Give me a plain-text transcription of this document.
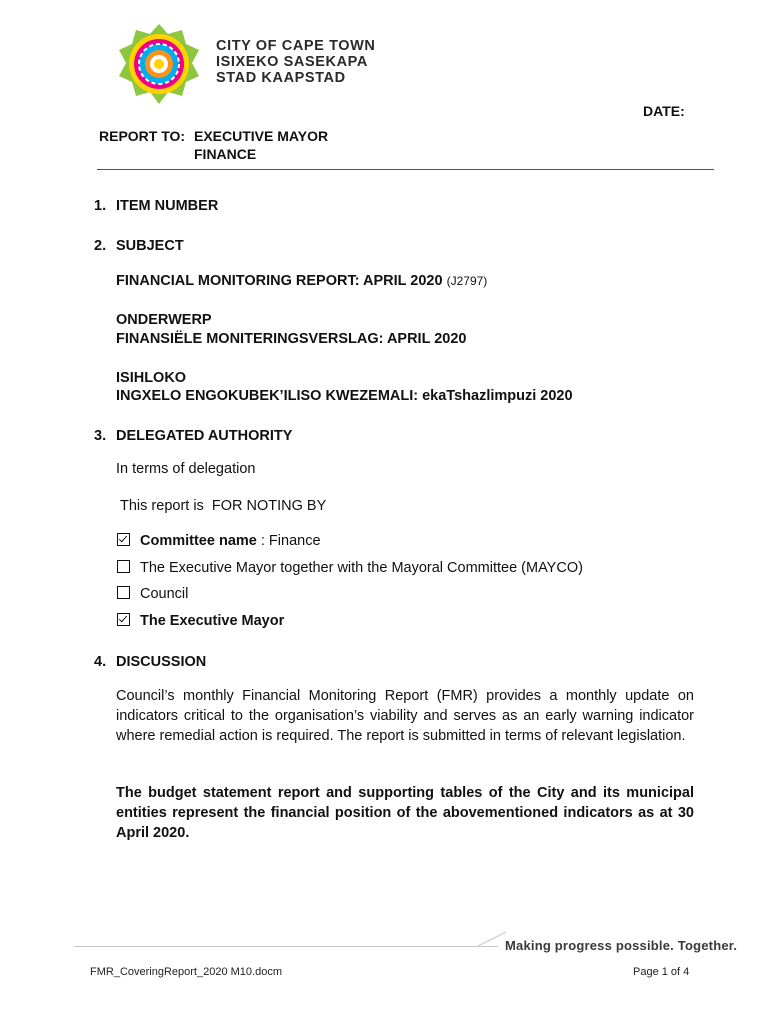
CITY OF CAPE TOWN
ISIXEKO SASEKAPA
STAD KAAPSTAD
DATE:
REPORT TO: EXECUTIVE MAYOR
FINANCE
1. ITEM NUMBER
2. SUBJECT
FINANCIAL MONITORING REPORT: APRIL 2020 (J2797)
ONDERWERP
FINANSIËLE MONITERINGSVERSLAG: APRIL 2020
ISIHLOKO
INGXELO ENGOKUBEK’ILISO KWEZEMALI: ekaTshazlimpuzi 2020
3. DELEGATED AUTHORITY
In terms of delegation
This report is  FOR NOTING BY
Committee name : Finance
The Executive Mayor together with the Mayoral Committee (MAYCO)
Council
The Executive Mayor
4. DISCUSSION
Council’s monthly Financial Monitoring Report (FMR) provides a monthly update on indicators critical to the organisation’s viability and serves as an early warning indicator where remedial action is required. The report is submitted in terms of relevant legislation.
The budget statement report and supporting tables of the City and its municipal entities represent the financial position of the abovementioned indicators as at 30 April 2020.
Making progress possible. Together.
FMR_CoveringReport_2020 M10.docm	Page 1 of 4
